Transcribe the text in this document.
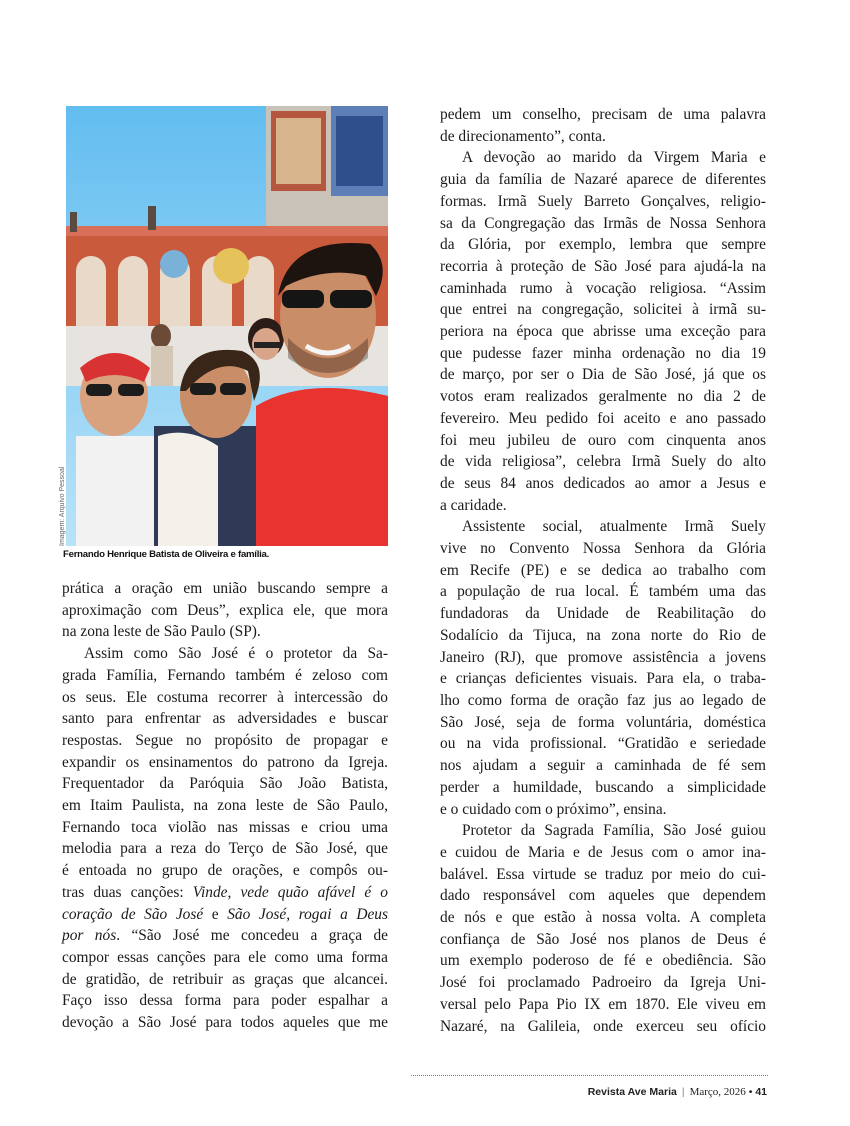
Imagem: Arquivo Pessoal
Fernando Henrique Batista de Oliveira e família.

prática a oração em união buscando sempre a
aproximação com Deus”, explica ele, que mora
na zona leste de São Paulo (SP).

Assim como São José é o protetor da Sa-
grada Família, Fernando também é zeloso com
os seus. Ele costuma recorrer à intercessão do
santo para enfrentar as adversidades e buscar
respostas. Segue no propósito de propagar e
expandir os ensinamentos do patrono da Igreja.
Frequentador da Paróquia São João Batista,
em Itaim Paulista, na zona leste de São Paulo,
Fernando toca violão nas missas e criou uma
melodia para a reza do Terço de São José, que
é entoada no grupo de orações, e compôs ou-
tras duas canções: Vinde, vede quão afável é o
coração de São José e São José, rogai a Deus
por nós. “São José me concedeu a graça de
compor essas canções para ele como uma forma
de gratidão, de retribuir as graças que alcancei.
Faço isso dessa forma para poder espalhar a
devoção a São José para todos aqueles que me

pedem um conselho, precisam de uma palavra
de direcionamento”, conta.

A devoção ao marido da Virgem Maria e
guia da família de Nazaré aparece de diferentes
formas. Irmã Suely Barreto Gonçalves, religio-
sa da Congregação das Irmãs de Nossa Senhora
da Glória, por exemplo, lembra que sempre
recorria à proteção de São José para ajudá-la na
caminhada rumo à vocação religiosa. “Assim
que entrei na congregação, solicitei à irmã su-
periora na época que abrisse uma exceção para
que pudesse fazer minha ordenação no dia 19
de março, por ser o Dia de São José, já que os
votos eram realizados geralmente no dia 2 de
fevereiro. Meu pedido foi aceito e ano passado
foi meu jubileu de ouro com cinquenta anos
de vida religiosa”, celebra Irmã Suely do alto
de seus 84 anos dedicados ao amor a Jesus e
a caridade.

Assistente social, atualmente Irmã Suely
vive no Convento Nossa Senhora da Glória
em Recife (PE) e se dedica ao trabalho com
a população de rua local. É também uma das
fundadoras da Unidade de Reabilitação do
Sodalício da Tijuca, na zona norte do Rio de
Janeiro (RJ), que promove assistência a jovens
e crianças deficientes visuais. Para ela, o traba-
lho como forma de oração faz jus ao legado de
São José, seja de forma voluntária, doméstica
ou na vida profissional. “Gratidão e seriedade
nos ajudam a seguir a caminhada de fé sem
perder a humildade, buscando a simplicidade
e o cuidado com o próximo”, ensina.

Protetor da Sagrada Família, São José guiou
e cuidou de Maria e de Jesus com o amor ina-
balável. Essa virtude se traduz por meio do cui-
dado responsável com aqueles que dependem
de nós e que estão à nossa volta. A completa
confiança de São José nos planos de Deus é
um exemplo poderoso de fé e obediência. São
José foi proclamado Padroeiro da Igreja Uni-
versal pelo Papa Pio IX em 1870. Ele viveu em
Nazaré, na Galileia, onde exerceu seu ofício

Revista Ave Maria | Março, 2026 • 41
